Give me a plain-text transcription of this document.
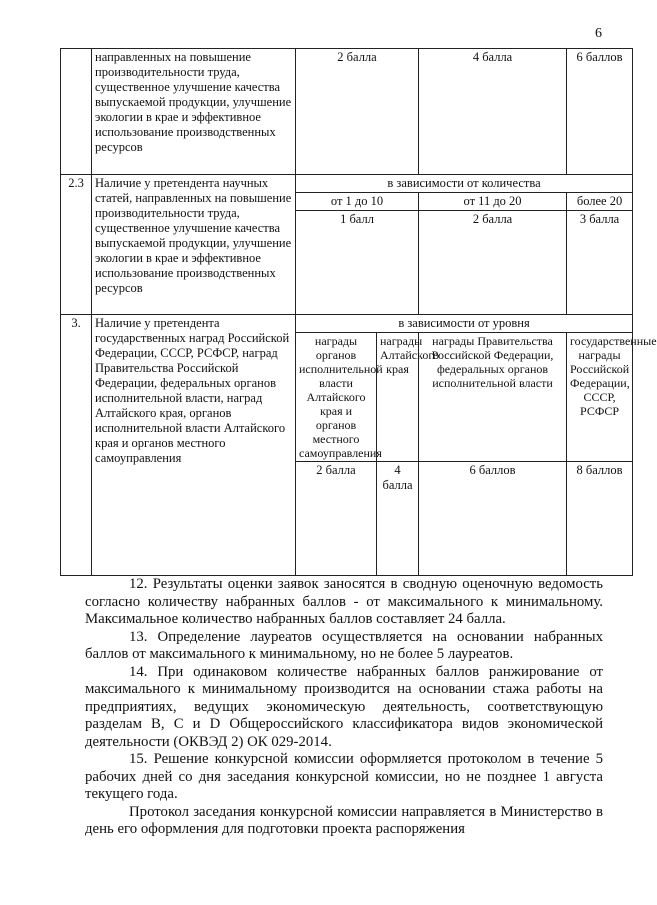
6
	направленных на повышение производительности труда, существенное улучшение качества выпускаемой продукции, улучшение экологии в крае и эффективное использование производственных ресурсов	2 балла		4 балла	6 баллов
2.3	Наличие у претендента научных статей, направленных на повышение производительности труда, существенное улучшение качества выпускаемой продукции, улучшение экологии в крае и эффективное использование производственных ресурсов	в зависимости от количества			
		от 1 до 10		от 11 до 20	более 20
		1 балл		2 балла	3 балла
3.	Наличие у претендента государственных наград Российской Федерации, СССР, РСФСР, наград Правительства Российской Федерации, федеральных органов исполнительной власти, наград Алтайского края, органов исполнительной власти Алтайского края и органов местного самоуправления	в зависимости от уровня			
		награды органов исполнительной власти Алтайского края и органов местного самоуправления	награды Алтайского края	награды Правительства Российской Федерации, федеральных органов исполнительной власти	государственные награды Российской Федерации, СССР, РСФСР
		2 балла	4 балла	6 баллов	8 баллов

12. Результаты оценки заявок заносятся в сводную оценочную ведомость согласно количеству набранных баллов - от максимального к минимальному. Максимальное количество набранных баллов составляет 24 балла.

13. Определение лауреатов осуществляется на основании набранных баллов от максимального к минимальному, но не более 5 лауреатов.

14. При одинаковом количестве набранных баллов ранжирование от максимального к минимальному производится на основании стажа работы на предприятиях, ведущих экономическую деятельность, соответствующую разделам B, C и D Общероссийского классификатора видов экономической деятельности (ОКВЭД 2) ОК 029-2014.

15. Решение конкурсной комиссии оформляется протоколом в течение 5 рабочих дней со дня заседания конкурсной комиссии, но не позднее 1 августа текущего года.

Протокол заседания конкурсной комиссии направляется в Министерство в день его оформления для подготовки проекта распоряжения
